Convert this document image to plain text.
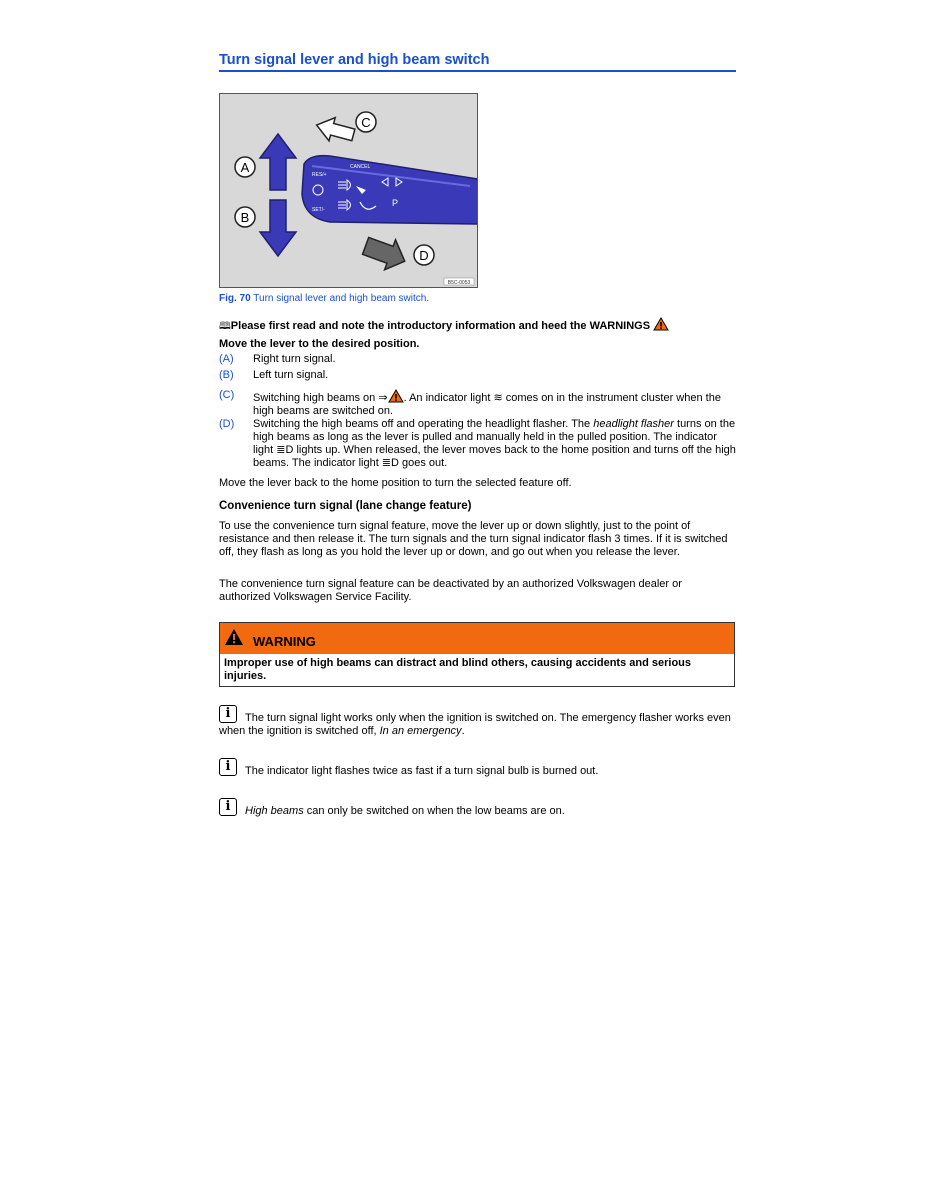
Turn signal lever and high beam switch
A
B
C
D
CANCEL
RES/+
SET/-
P
B5C-0053
Fig. 70 Turn signal lever and high beam switch.
🕮Please first read and note the introductory information and heed the WARNINGS
Move the lever to the desired position.
(A) Right turn signal.
(B) Left turn signal.
(C) Switching high beams on ⇒ . An indicator light ≋ comes on in the instrument cluster when the high beams are switched on.
(D) Switching the high beams off and operating the headlight flasher. The headlight flasher turns on the high beams as long as the lever is pulled and manually held in the pulled position. The indicator light ≣D lights up. When released, the lever moves back to the home position and turns off the high beams. The indicator light ≣D goes out.
Move the lever back to the home position to turn the selected feature off.
Convenience turn signal (lane change feature)
To use the convenience turn signal feature, move the lever up or down slightly, just to the point of resistance and then release it. The turn signals and the turn signal indicator flash 3 times. If it is switched off, they flash as long as you hold the lever up or down, and go out when you release the lever.
The convenience turn signal feature can be deactivated by an authorized Volkswagen dealer or authorized Volkswagen Service Facility.
WARNING
Improper use of high beams can distract and blind others, causing accidents and serious injuries.
i	The turn signal light works only when the ignition is switched on. The emergency flasher works even when the ignition is switched off, In an emergency.
i	The indicator light flashes twice as fast if a turn signal bulb is burned out.
i	High beams can only be switched on when the low beams are on.
